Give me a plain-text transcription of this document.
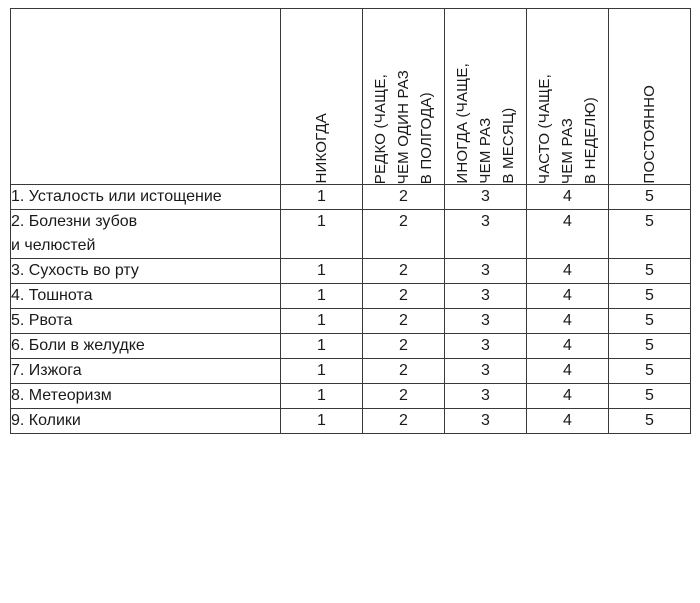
	НИКОГДА	РЕДКО (ЧАЩЕ,
ЧЕМ ОДИН РАЗ
В ПОЛГОДА)	ИНОГДА (ЧАЩЕ,
ЧЕМ РАЗ
В МЕСЯЦ)	ЧАСТО (ЧАЩЕ,
ЧЕМ РАЗ
В НЕДЕЛЮ)	ПОСТОЯННО

1. Усталость или истощение	1	2	3	4	5
2. Болезни зубов
и челюстей	1	2	3	4	5
3. Сухость во рту	1	2	3	4	5
4. Тошнота	1	2	3	4	5
5. Рвота	1	2	3	4	5
6. Боли в желудке	1	2	3	4	5
7. Изжога	1	2	3	4	5
8. Метеоризм	1	2	3	4	5
9. Колики	1	2	3	4	5
